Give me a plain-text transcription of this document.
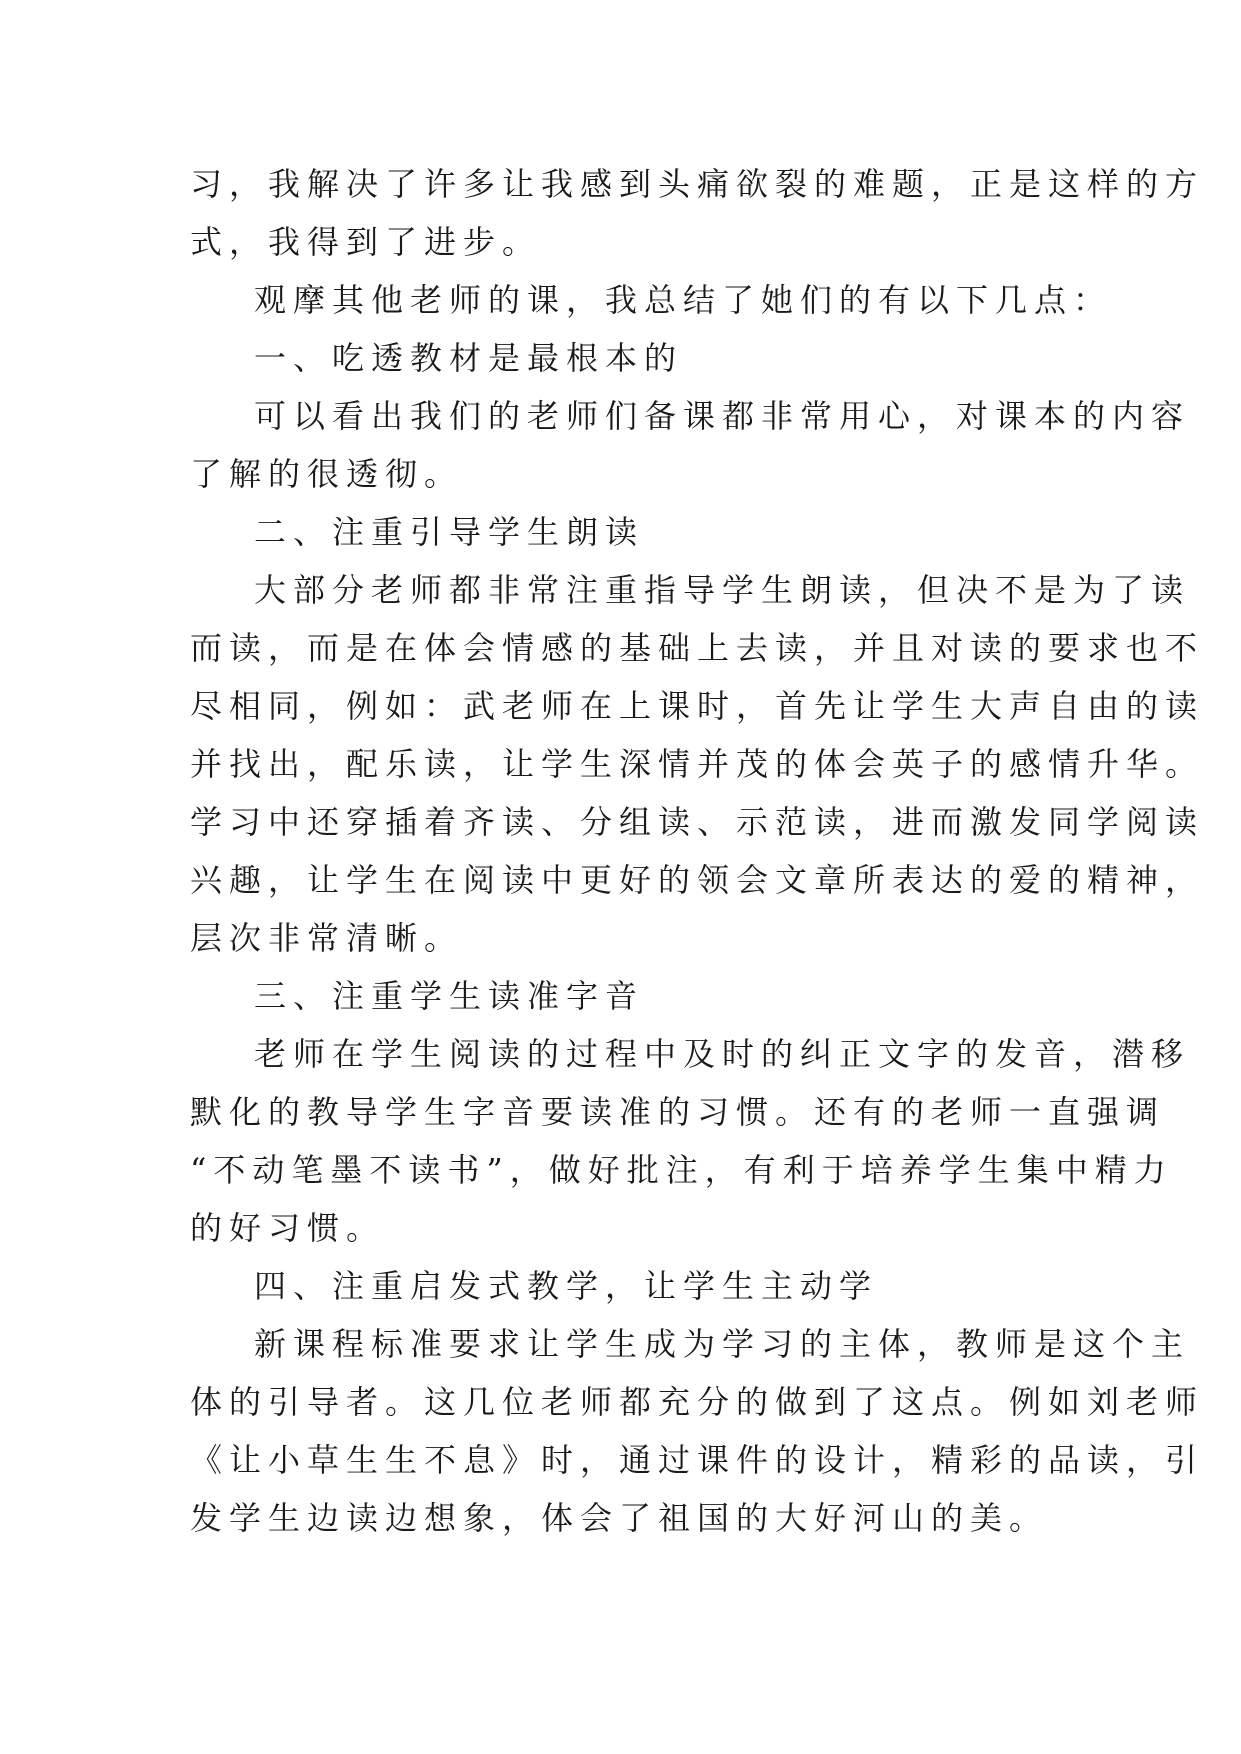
习，我解决了许多让我感到头痛欲裂的难题，正是这样的方
式，我得到了进步。
观摩其他老师的课，我总结了她们的有以下几点：
一、吃透教材是最根本的
可以看出我们的老师们备课都非常用心，对课本的内容
了解的很透彻。
二、注重引导学生朗读
大部分老师都非常注重指导学生朗读，但决不是为了读
而读，而是在体会情感的基础上去读，并且对读的要求也不
尽相同，例如：武老师在上课时，首先让学生大声自由的读
并找出，配乐读，让学生深情并茂的体会英子的感情升华。
学习中还穿插着齐读、分组读、示范读，进而激发同学阅读
兴趣，让学生在阅读中更好的领会文章所表达的爱的精神，
层次非常清晰。
三、注重学生读准字音
老师在学生阅读的过程中及时的纠正文字的发音，潜移
默化的教导学生字音要读准的习惯。还有的老师一直强调
“不动笔墨不读书”，做好批注，有利于培养学生集中精力
的好习惯。
四、注重启发式教学，让学生主动学
新课程标准要求让学生成为学习的主体，教师是这个主
体的引导者。这几位老师都充分的做到了这点。例如刘老师
《让小草生生不息》时，通过课件的设计，精彩的品读，引
发学生边读边想象，体会了祖国的大好河山的美。
